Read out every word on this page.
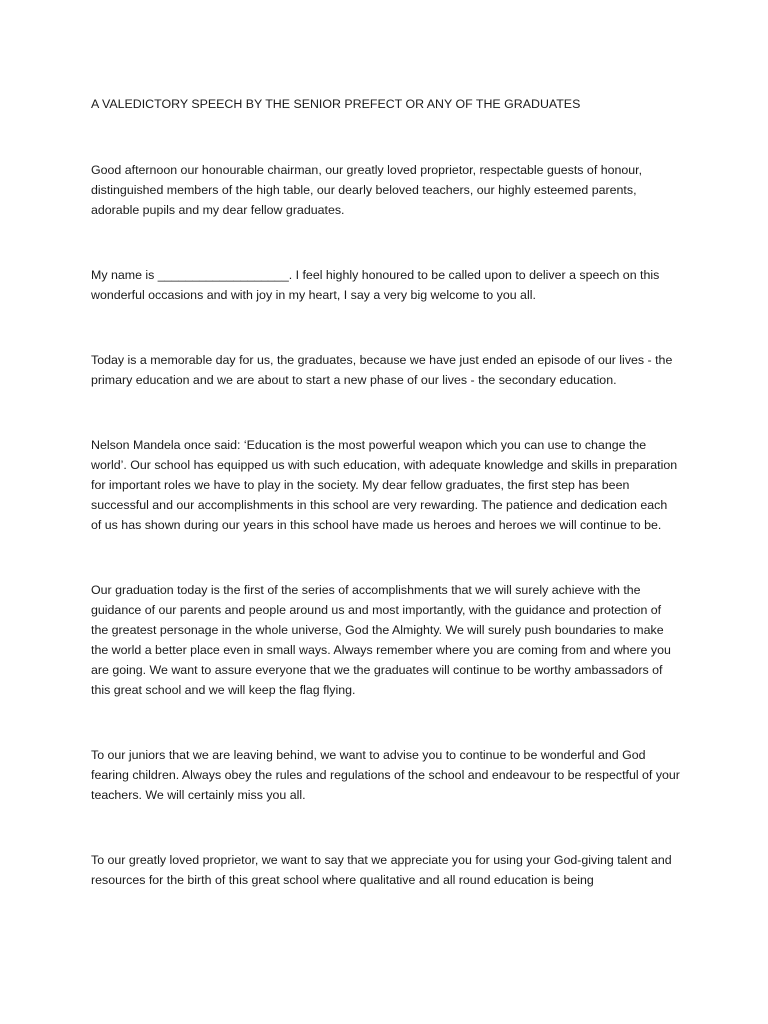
A VALEDICTORY SPEECH BY THE SENIOR PREFECT OR ANY OF THE GRADUATES

Good afternoon our honourable chairman, our greatly loved proprietor, respectable guests of honour, distinguished members of the high table, our dearly beloved teachers, our highly esteemed parents, adorable pupils and my dear fellow graduates.

My name is ___________________. I feel highly honoured to be called upon to deliver a speech on this wonderful occasions and with joy in my heart, I say a very big welcome to you all.

Today is a memorable day for us, the graduates, because we have just ended an episode of our lives - the primary education and we are about to start a new phase of our lives - the secondary education.

Nelson Mandela once said: ‘Education is the most powerful weapon which you can use to change the world’. Our school has equipped us with such education, with adequate knowledge and skills in preparation for important roles we have to play in the society. My dear fellow graduates, the first step has been successful and our accomplishments in this school are very rewarding. The patience and dedication each of us has shown during our years in this school have made us heroes and heroes we will continue to be.

Our graduation today is the first of the series of accomplishments that we will surely achieve with the guidance of our parents and people around us and most importantly, with the guidance and protection of the greatest personage in the whole universe, God the Almighty. We will surely push boundaries to make the world a better place even in small ways. Always remember where you are coming from and where you are going. We want to assure everyone that we the graduates will continue to be worthy ambassadors of this great school and we will keep the flag flying.

To our juniors that we are leaving behind, we want to advise you to continue to be wonderful and God fearing children. Always obey the rules and regulations of the school and endeavour to be respectful of your teachers. We will certainly miss you all.

To our greatly loved proprietor, we want to say that we appreciate you for using your God-giving talent and resources for the birth of this great school where qualitative and all round education is being
